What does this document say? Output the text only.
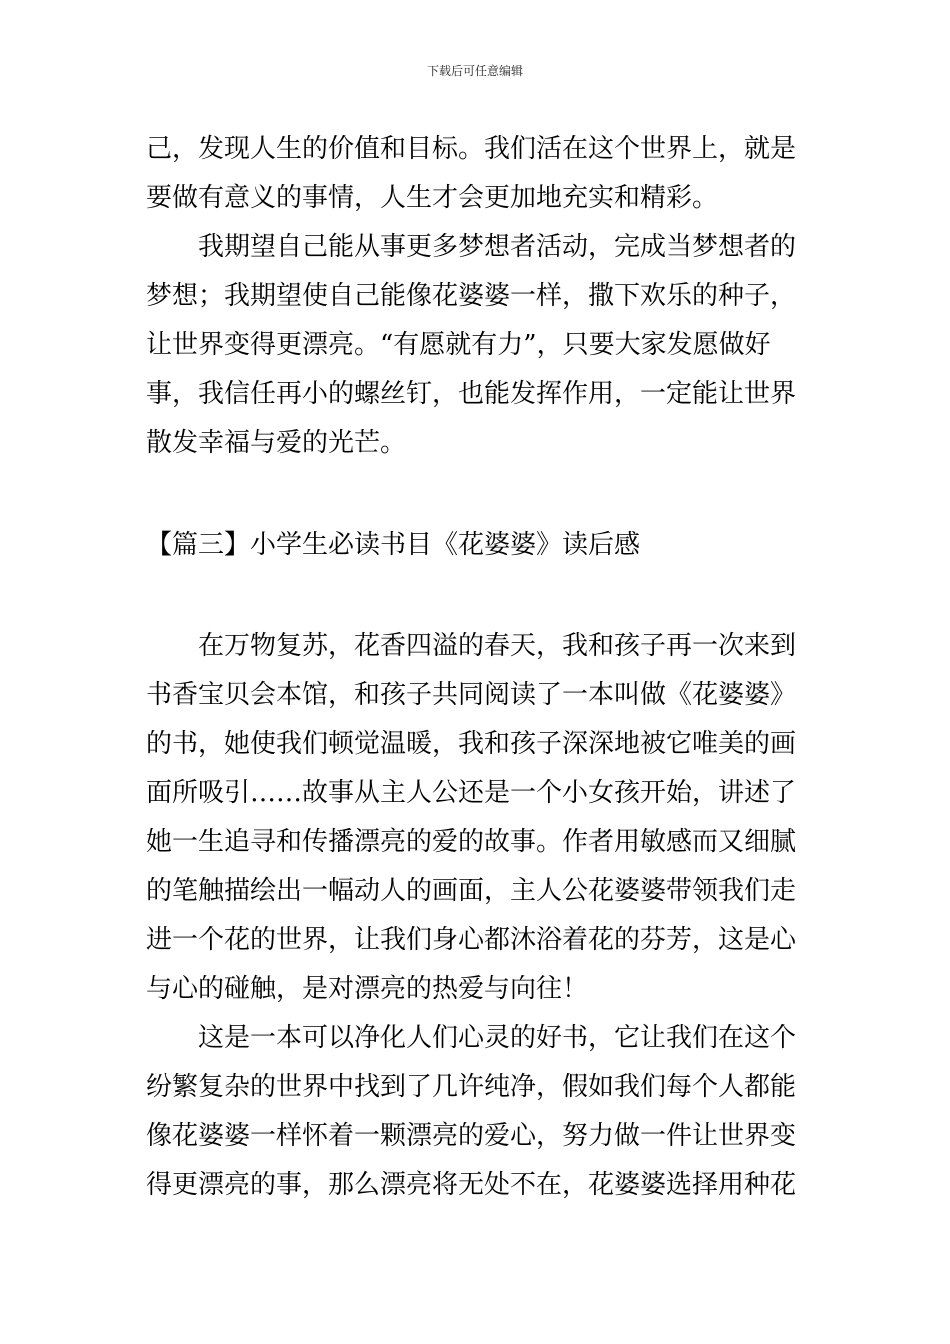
下载后可任意编辑
己，发现人生的价值和目标。我们活在这个世界上，就是
要做有意义的事情，人生才会更加地充实和精彩。
　　我期望自己能从事更多梦想者活动，完成当梦想者的
梦想；我期望使自己能像花婆婆一样，撒下欢乐的种子，
让世界变得更漂亮。“有愿就有力”，只要大家发愿做好
事，我信任再小的螺丝钉，也能发挥作用，一定能让世界
散发幸福与爱的光芒。
【篇三】小学生必读书目《花婆婆》读后感
　　在万物复苏，花香四溢的春天，我和孩子再一次来到
书香宝贝会本馆，和孩子共同阅读了一本叫做《花婆婆》
的书，她使我们顿觉温暖，我和孩子深深地被它唯美的画
面所吸引……故事从主人公还是一个小女孩开始，讲述了
她一生追寻和传播漂亮的爱的故事。作者用敏感而又细腻
的笔触描绘出一幅动人的画面，主人公花婆婆带领我们走
进一个花的世界，让我们身心都沐浴着花的芬芳，这是心
与心的碰触，是对漂亮的热爱与向往！
　　这是一本可以净化人们心灵的好书，它让我们在这个
纷繁复杂的世界中找到了几许纯净，假如我们每个人都能
像花婆婆一样怀着一颗漂亮的爱心，努力做一件让世界变
得更漂亮的事，那么漂亮将无处不在，花婆婆选择用种花
